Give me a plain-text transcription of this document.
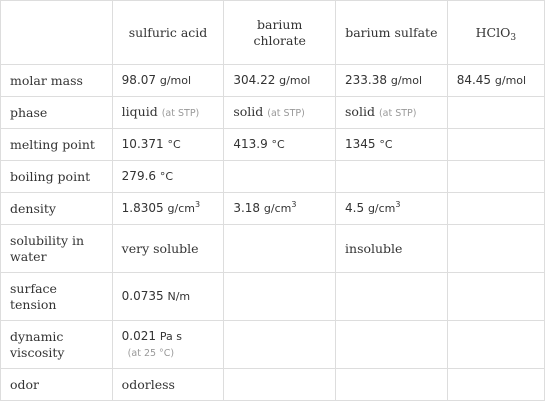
	sulfuric acid	barium chlorate	barium sulfate	HClO$_3$
molar mass	98.07 g/mol	304.22 g/mol	233.38 g/mol	84.45 g/mol
phase	liquid (at STP)	solid (at STP)	solid (at STP)	
melting point	10.371 °C	413.9 °C	1345 °C	
boiling point	279.6 °C			
density	1.8305 $g/cm^3$	3.18 $g/cm^3$	4.5 $g/cm^3$	
solubility in water	very soluble		insoluble	
surface tension	0.0735 N/m			
dynamic viscosity	0.021 Pa s
(at 25 °C)			

odor	odorless			
